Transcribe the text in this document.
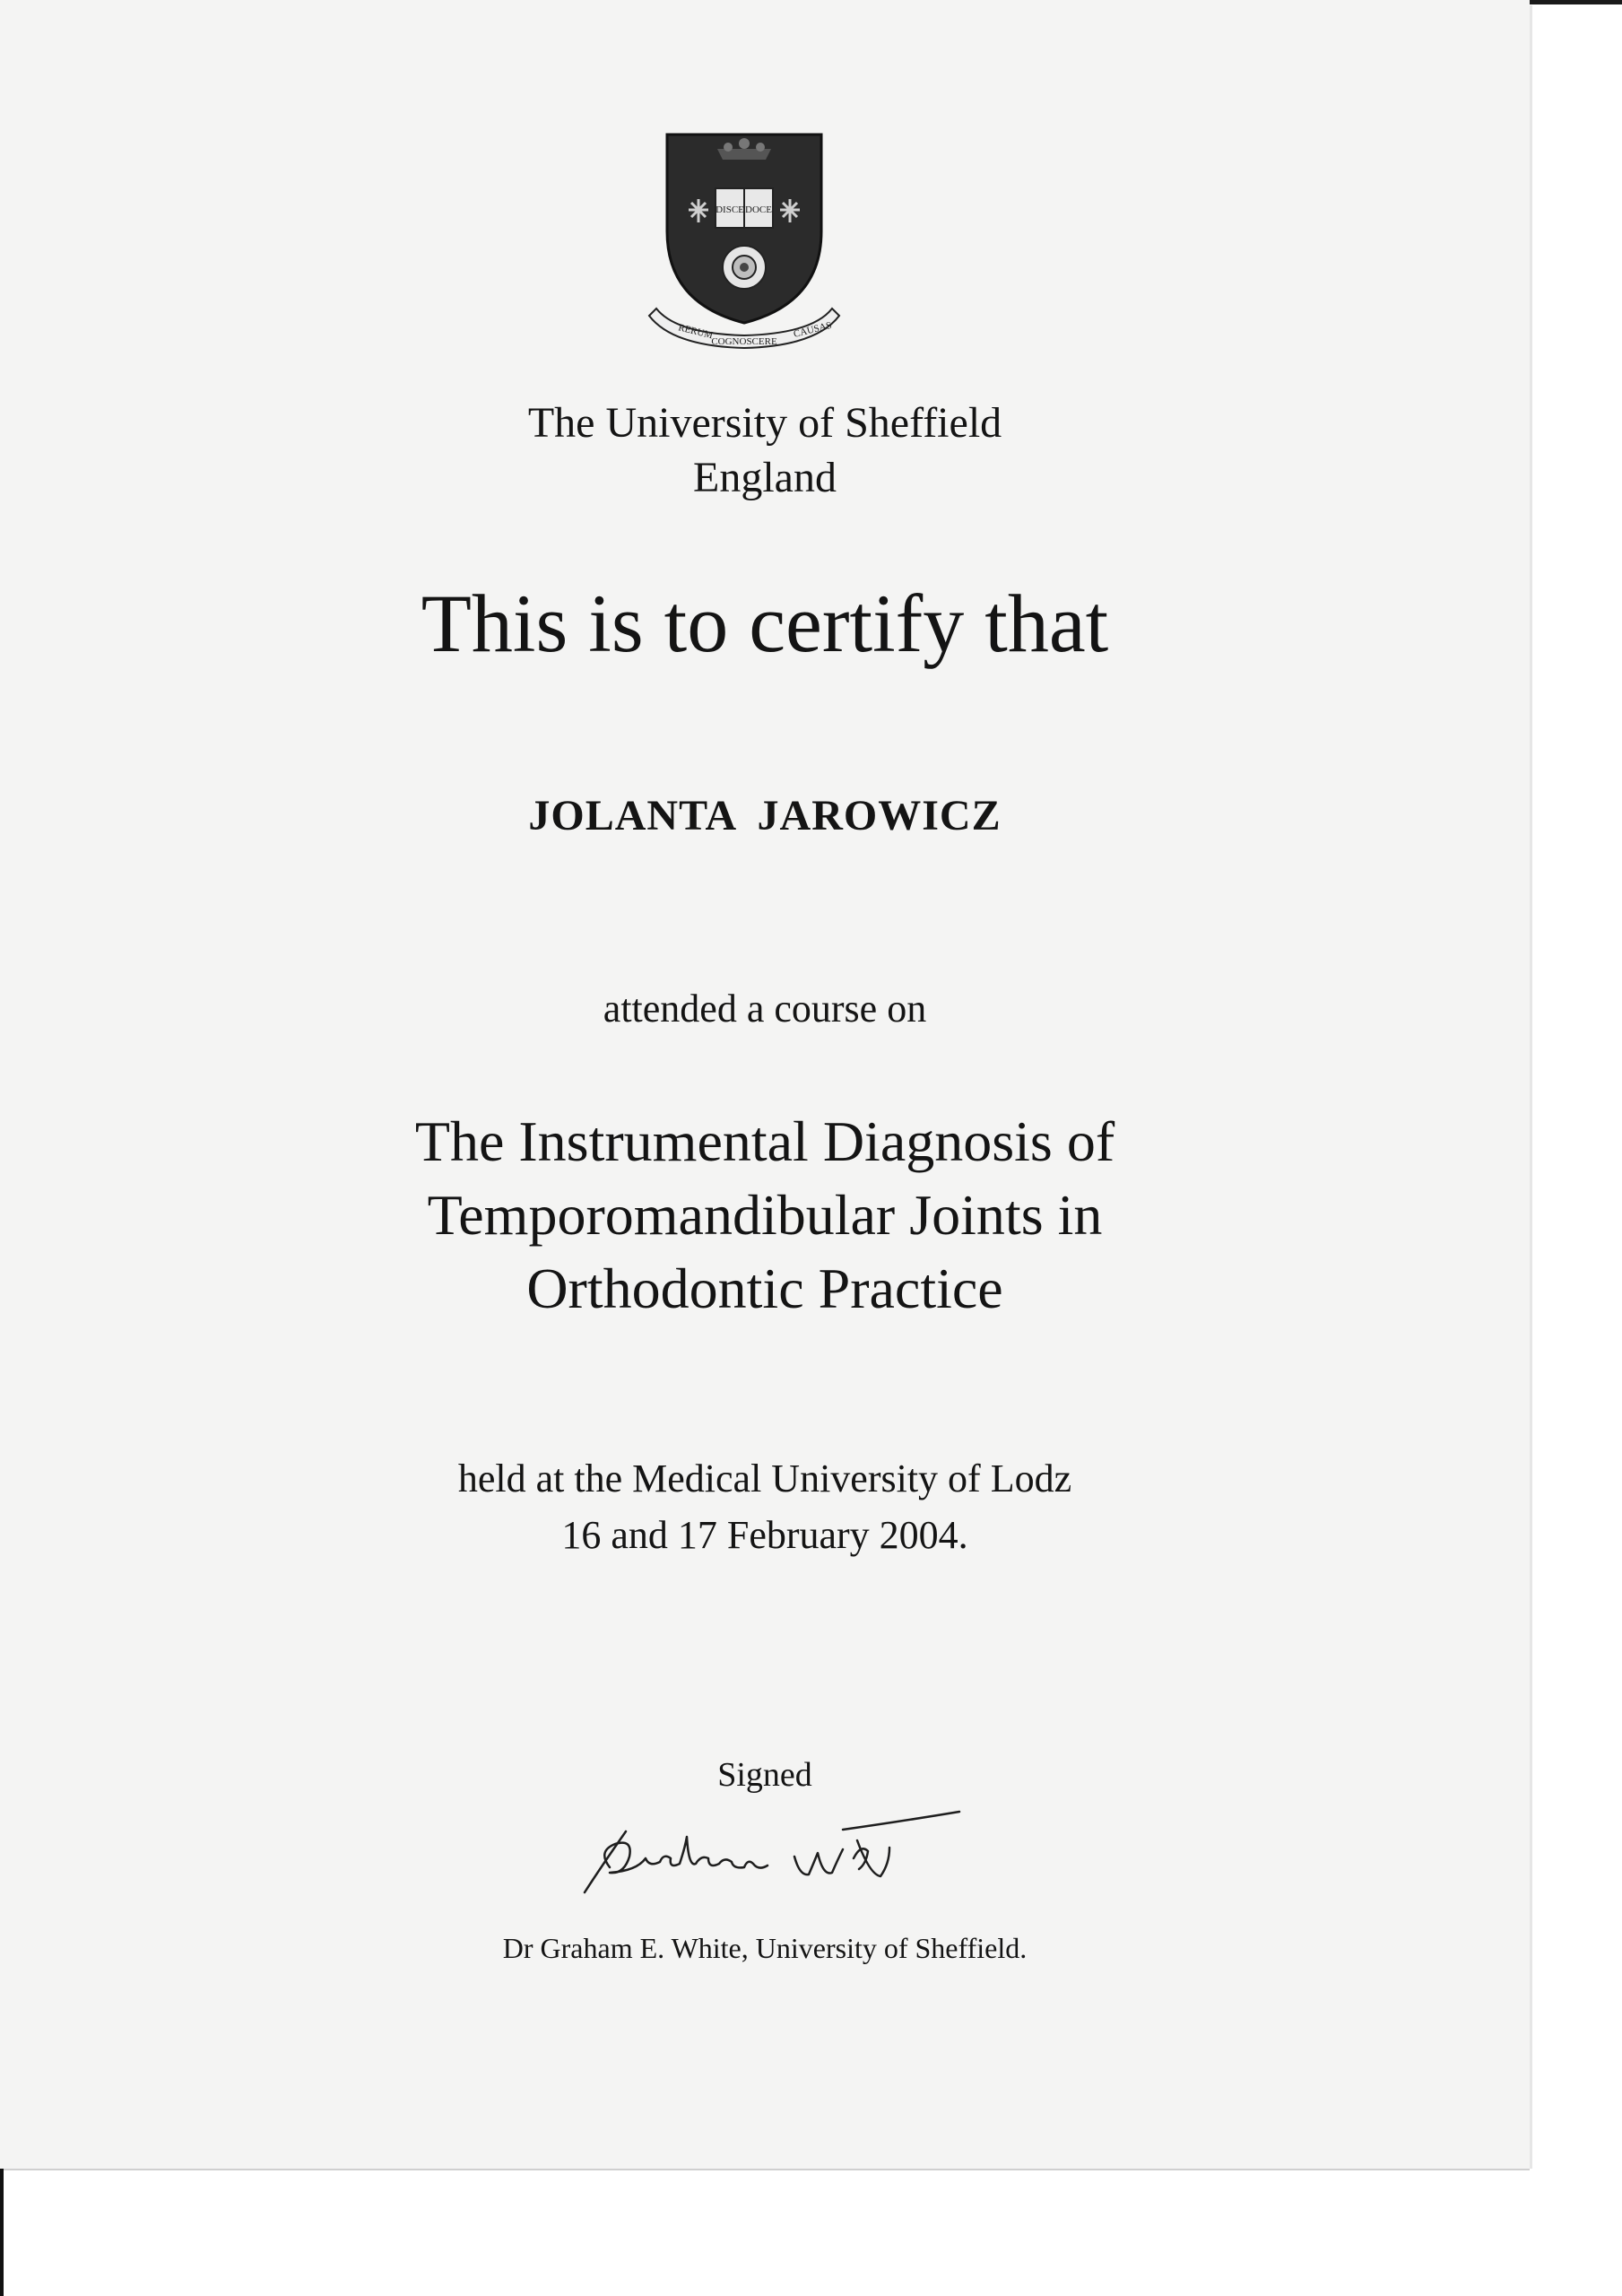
DISCE DOCE
RERUM
COGNOSCERE
CAUSAS

The University of Sheffield

England

This is to certify that

JOLANTA JAROWICZ

attended a course on

The Instrumental Diagnosis of

Temporomandibular Joints in

Orthodontic Practice

held at the Medical University of Lodz

16 and 17 February 2004.

Signed

Dr Graham E. White, University of Sheffield.
